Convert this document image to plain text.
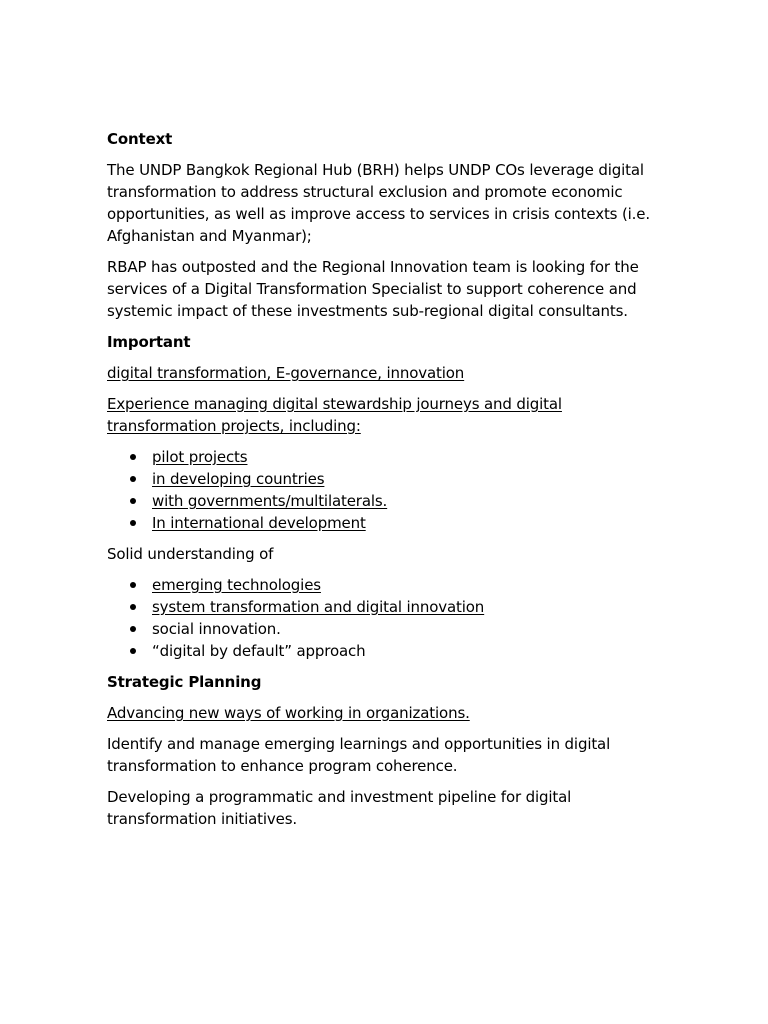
Context
The UNDP Bangkok Regional Hub (BRH) helps UNDP COs leverage digital transformation to address structural exclusion and promote economic opportunities, as well as improve access to services in crisis contexts (i.e. Afghanistan and Myanmar);
RBAP has outposted and the Regional Innovation team is looking for the services of a Digital Transformation Specialist to support coherence and systemic impact of these investments sub-regional digital consultants.
Important
digital transformation, E-governance, innovation
Experience managing digital stewardship journeys and digital transformation projects, including:
pilot projects
in developing countries
with governments/multilaterals.
In international development
Solid understanding of
emerging technologies
system transformation and digital innovation
social innovation.
“digital by default” approach
Strategic Planning
Advancing new ways of working in organizations.
Identify and manage emerging learnings and opportunities in digital transformation to enhance program coherence.
Developing a programmatic and investment pipeline for digital transformation initiatives.
